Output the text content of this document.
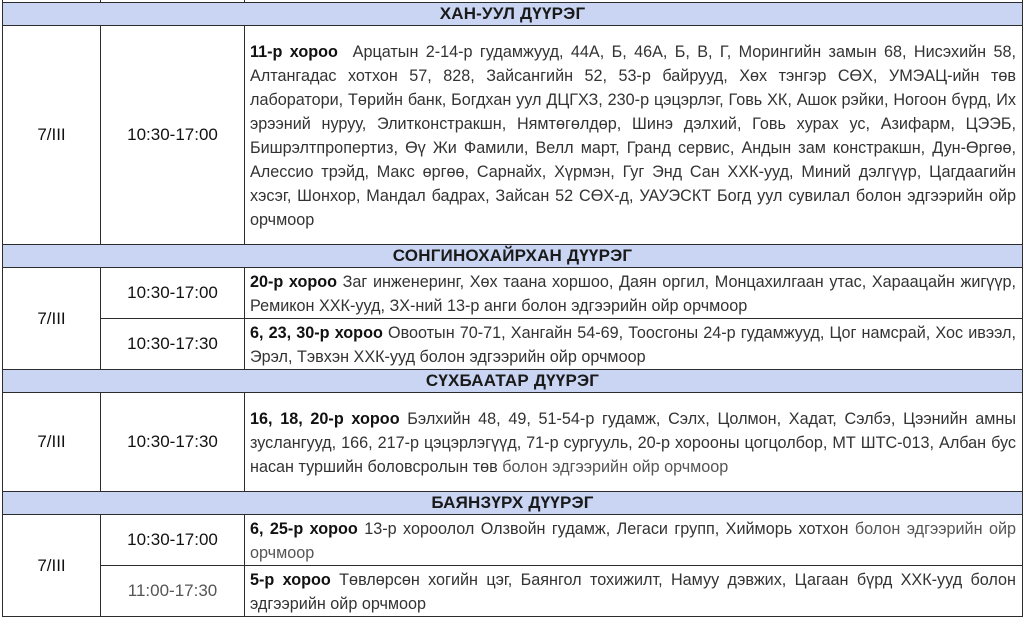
ХАН-УУЛ ДҮҮРЭГ		
7/III	10:30-17:00	11-р хороо Арцатын 2-14-р гудамжууд, 44А, Б, 46А, Б, В, Г, Морингийн замын 68, Нисэхийн 58, Алтангадас хотхон 57, 828, Зайсангийн 52, 53-р байрууд, Хөх тэнгэр СӨХ, УМЭАЦ-ийн төв лаборатори, Төрийн банк, Богдхан уул ДЦГХЗ, 230-р цэцэрлэг, Говь ХК, Ашок рэйки, Ногоон бүрд, Их эрээний нуруу, Элитконстракшн, Нямтөгөлдөр, Шинэ дэлхий, Говь хурах ус, Азифарм, ЦЭЭБ, Бишрэлтпропертиз, Өү Жи Фамили, Велл март, Гранд сервис, Андын зам констракшн, Дун-Өргөө, Алессио трэйд, Макс өргөө, Сарнайх, Хүрмэн, Гуг Энд Сан ХХК-ууд, Миний дэлгүүр, Цагдаагийн хэсэг, Шонхор, Мандал бадрах, Зайсан 52 СӨХ-д, УАУЭСКТ Богд уул сувилал болон эдгээрийн ойр орчмоор
СОНГИНОХАЙРХАН ДҮҮРЭГ		
7/III	10:30-17:00	20-р хороо Заг инженеринг, Хөх таана хоршоо, Даян оргил, Монцахилгаан утас, Хараацайн жигүүр, Ремикон ХХК-ууд, ЗХ-ний 13-р анги болон эдгээрийн ойр орчмоор
	10:30-17:30	6, 23, 30-р хороо Овоотын 70-71, Хангайн 54-69, Тоосгоны 24-р гудамжууд, Цог намсрай, Хос ивээл, Эрэл, Тэвхэн ХХК-ууд болон эдгээрийн ойр орчмоор
СҮХБААТАР ДҮҮРЭГ		
7/III	10:30-17:30	16, 18, 20-р хороо Бэлхийн 48, 49, 51-54-р гудамж, Сэлх, Цолмон, Хадат, Сэлбэ, Цээнийн амны зуслангууд, 166, 217-р цэцэрлэгүүд, 71-р сургууль, 20-р хорооны цогцолбор, МТ ШТС-013, Албан бус насан туршийн боловсролын төв болон эдгээрийн ойр орчмоор
БАЯНЗҮРХ ДҮҮРЭГ		
7/III	10:30-17:00	6, 25-р хороо 13-р хороолол Олзвойн гудамж, Легаси групп, Хийморь хотхон болон эдгээрийн ойр орчмоор
	11:00-17:30	5-р хороо Төвлөрсөн хогийн цэг, Баянгол тохижилт, Намуу дэвжих, Цагаан бүрд ХХК-ууд болон эдгээрийн ойр орчмоор
